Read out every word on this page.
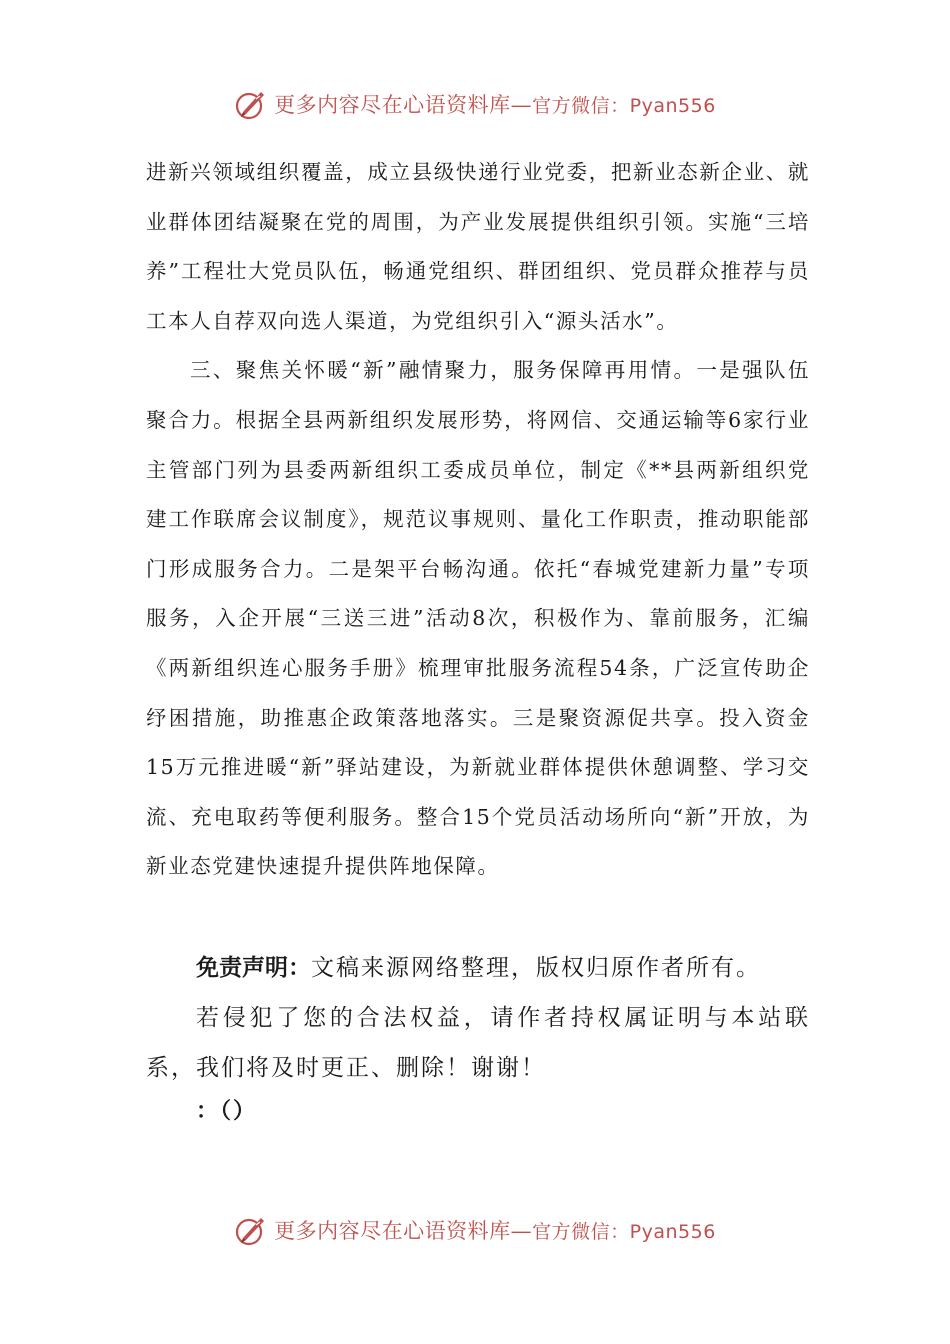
更多内容尽在心语资料库—官方微信：Pyan556

进新兴领域组织覆盖，成立县级快递行业党委，把新业态新企业、就业群体团结凝聚在党的周围，为产业发展提供组织引领。实施“三培养”工程壮大党员队伍，畅通党组织、群团组织、党员群众推荐与员工本人自荐双向选人渠道，为党组织引入“源头活水”。

三、聚焦关怀暖“新”融情聚力，服务保障再用情。一是强队伍聚合力。根据全县两新组织发展形势，将网信、交通运输等6家行业主管部门列为县委两新组织工委成员单位，制定《**县两新组织党建工作联席会议制度》，规范议事规则、量化工作职责，推动职能部门形成服务合力。二是架平台畅沟通。依托“春城党建新力量”专项服务，入企开展“三送三进”活动8次，积极作为、靠前服务，汇编《两新组织连心服务手册》梳理审批服务流程54条，广泛宣传助企纾困措施，助推惠企政策落地落实。三是聚资源促共享。投入资金15万元推进暖“新”驿站建设，为新就业群体提供休憩调整、学习交流、充电取药等便利服务。整合15个党员活动场所向“新”开放，为新业态党建快速提升提供阵地保障。

免责声明：文稿来源网络整理，版权归原作者所有。

若侵犯了您的合法权益，请作者持权属证明与本站联系，我们将及时更正、删除！谢谢！

：（）
更多内容尽在心语资料库—官方微信：Pyan556
